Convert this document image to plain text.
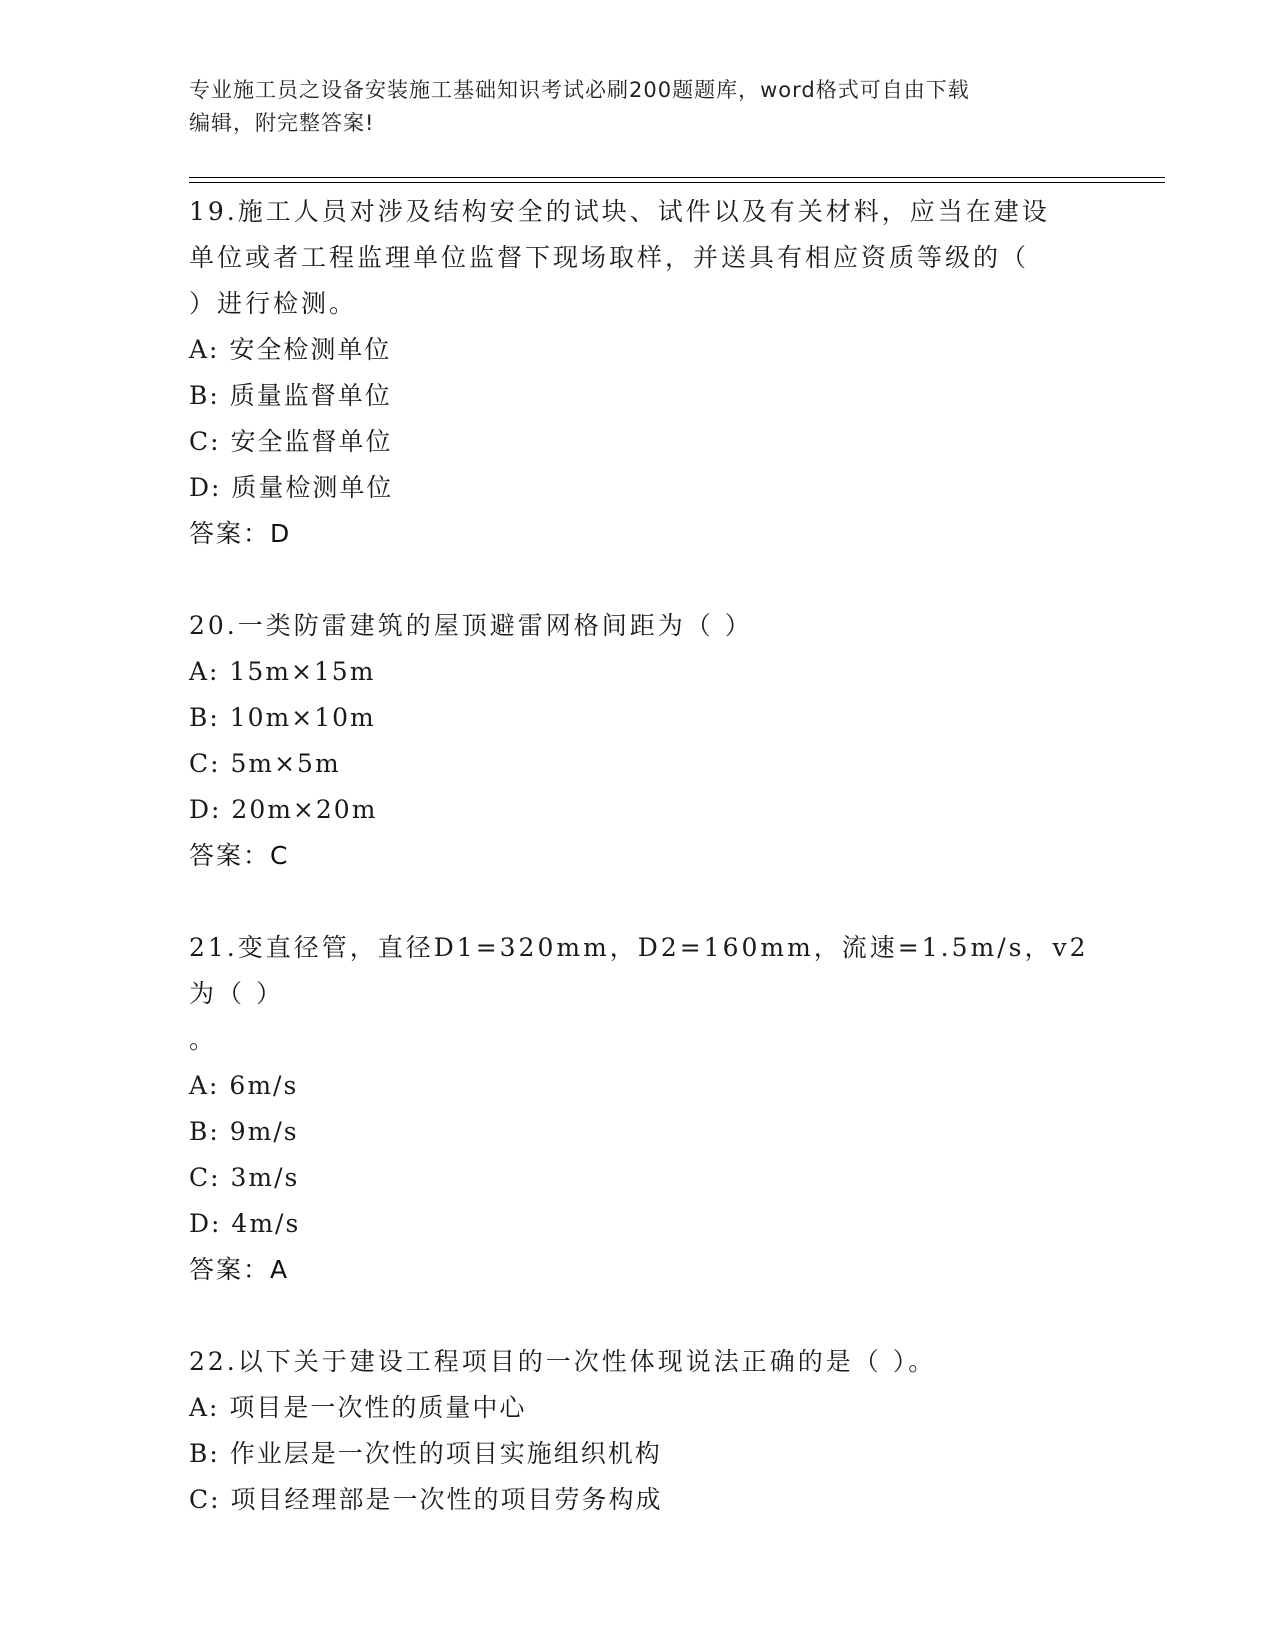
专业施工员之设备安装施工基础知识考试必刷200题题库，word格式可自由下载
编辑，附完整答案!

19.施工人员对涉及结构安全的试块、试件以及有关材料，应当在建设

单位或者工程监理单位监督下现场取样，并送具有相应资质等级的（

）进行检测。

A: 安全检测单位

B: 质量监督单位

C: 安全监督单位

D: 质量检测单位

答案：D

20.一类防雷建筑的屋顶避雷网格间距为（ ）

A: 15m×15m

B: 10m×10m

C: 5m×5m

D: 20m×20m

答案：C

21.变直径管，直径D1=320mm，D2=160mm，流速=1.5m/s，v2为（ ）

。

A: 6m/s

B: 9m/s

C: 3m/s

D: 4m/s

答案：A

22.以下关于建设工程项目的一次性体现说法正确的是（ ）。

A: 项目是一次性的质量中心

B: 作业层是一次性的项目实施组织机构

C: 项目经理部是一次性的项目劳务构成
